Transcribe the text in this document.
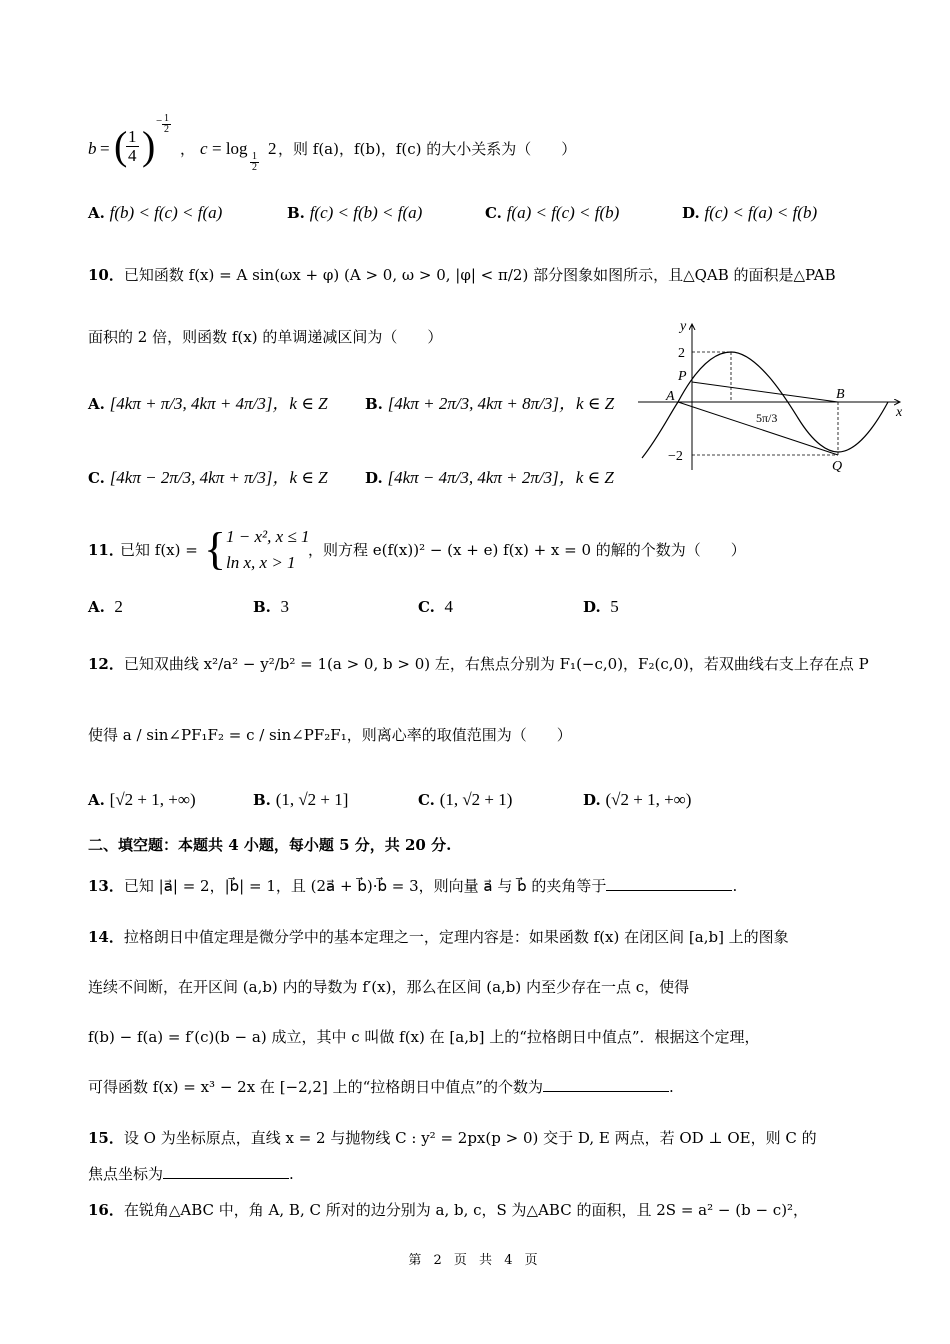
b = (
$\frac{1}{4}$ )
− $\frac{1}{2}$
， c = log
$\frac{1}{2}$
2 ，则 f(a)，f(b)，f(c) 的大小关系为（　　）
A. f(b) < f(c) < f(a)	B. f(c) < f(b) < f(a)	C. f(a) < f(c) < f(b)	D. f(c) < f(a) < f(b)
10．已知函数 f(x) = A sin(ωx + φ) (A > 0, ω > 0, |φ| < π/2) 部分图象如图所示，且△QAB 的面积是△PAB
面积的 2 倍，则函数 f(x) 的单调递减区间为（　　）
A. [4kπ + π/3, 4kπ + 4π/3]，k ∈ Z B. [4kπ + 2π/3, 4kπ + 8π/3]，k ∈ Z
C. [4kπ − 2π/3, 4kπ + π/3]，k ∈ Z D. [4kπ − 4π/3, 4kπ + 2π/3]，k ∈ Z
y
x
2
−2
P
A	B
Q
5π/3
11．
已知 f(x) = { 1 − x², x ≤ 1
ln x, x > 1
，则方程 e(f(x))² − (x + e) f(x) + x = 0 的解的个数为（　　）
A. 2	B. 3	C. 4	D. 5
12．已知双曲线 x²/a² − y²/b² = 1(a > 0, b > 0) 左，右焦点分别为 F₁(−c,0)，F₂(c,0)，若双曲线右支上存在点 P
使得 a / sin∠PF₁F₂ = c / sin∠PF₂F₁，则离心率的取值范围为（　　）
A. [√2 + 1, +∞)	B. (1, √2 + 1]	C. (1, √2 + 1)	D. (√2 + 1, +∞)
二、填空题：本题共 4 小题，每小题 5 分，共 20 分.
13．已知 |a⃗| = 2，|b⃗| = 1，且 (2a⃗ + b⃗)·b⃗ = 3，则向量 a⃗ 与 b⃗ 的夹角等于	.
14．拉格朗日中值定理是微分学中的基本定理之一，定理内容是：如果函数 f(x) 在闭区间 [a,b] 上的图象
连续不间断，在开区间 (a,b) 内的导数为 f′(x)，那么在区间 (a,b) 内至少存在一点 c，使得
f(b) − f(a) = f′(c)(b − a) 成立，其中 c 叫做 f(x) 在 [a,b] 上的“拉格朗日中值点”．根据这个定理，
可得函数 f(x) = x³ − 2x 在 [−2,2] 上的“拉格朗日中值点”的个数为	.
15．设 O 为坐标原点，直线 x = 2 与抛物线 C : y² = 2px(p > 0) 交于 D, E 两点，若 OD ⊥ OE，则 C 的
焦点坐标为	.
16．在锐角△ABC 中，角 A, B, C 所对的边分别为 a, b, c，S 为△ABC 的面积，且 2S = a² − (b − c)²，
第 2 页 共 4 页
